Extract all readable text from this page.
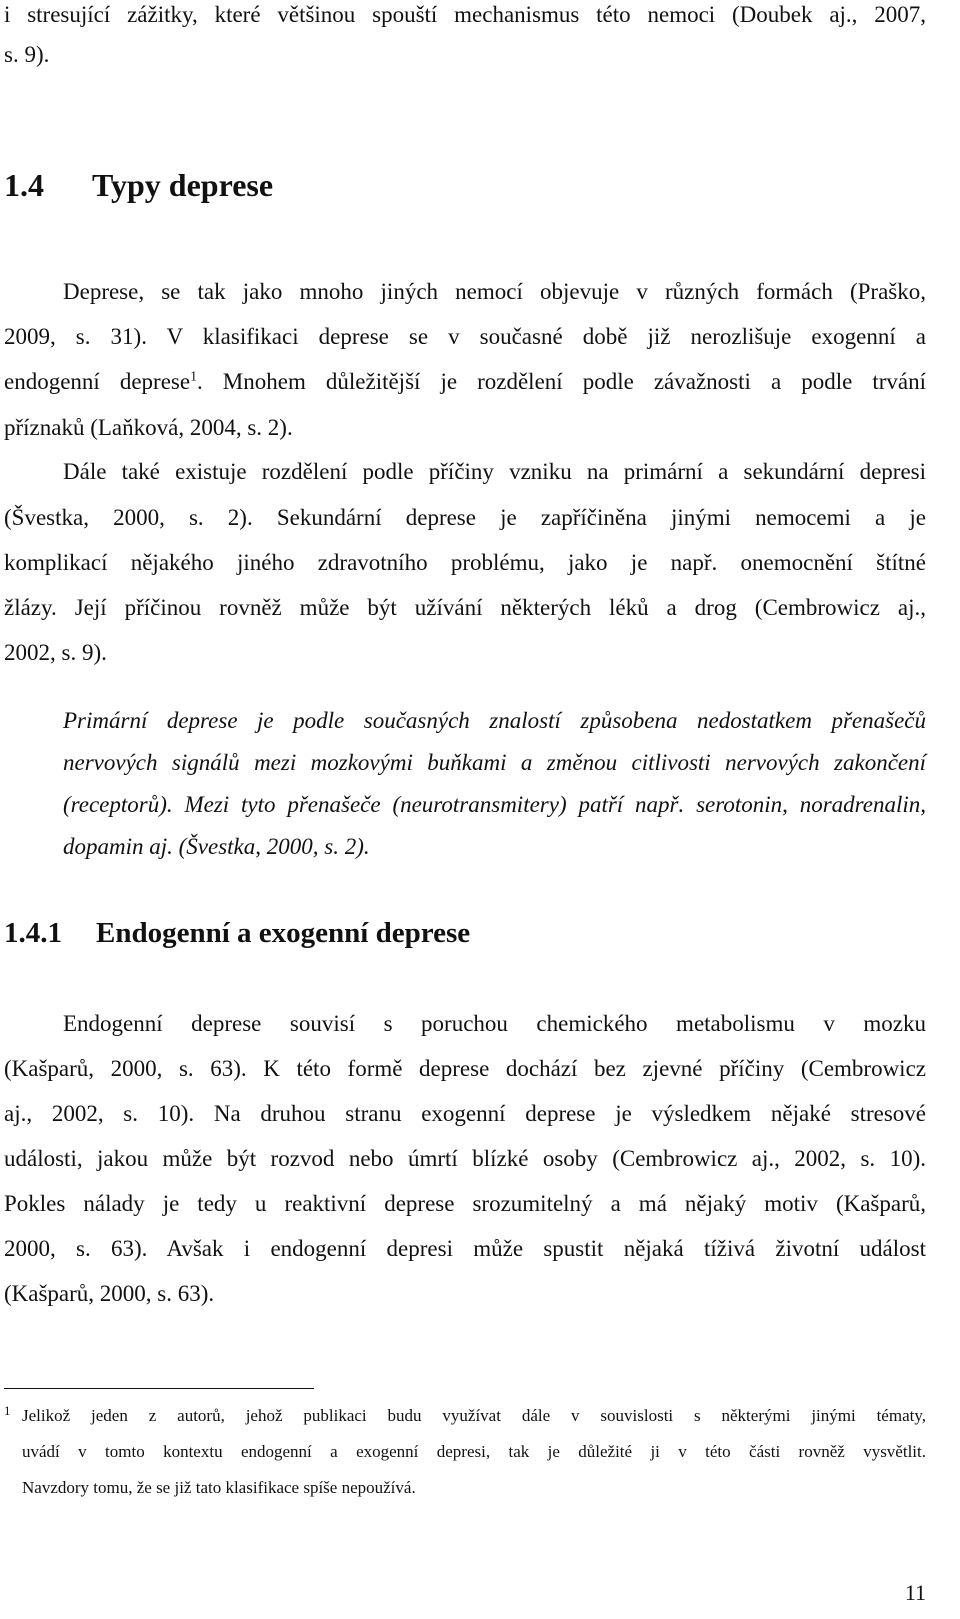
i stresující zážitky, které většinou spouští mechanismus této nemoci (Doubek aj., 2007,
s. 9).
1.4 Typy deprese
Deprese, se tak jako mnoho jiných nemocí objevuje v různých formách (Praško,
2009, s. 31). V klasifikaci deprese se v současné době již nerozlišuje exogenní a
endogenní deprese$^1$. Mnohem důležitější je rozdělení podle závažnosti a podle trvání
příznaků (Laňková, 2004, s. 2).
Dále také existuje rozdělení podle příčiny vzniku na primární a sekundární depresi
(Švestka, 2000, s. 2). Sekundární deprese je zapříčiněna jinými nemocemi a je
komplikací nějakého jiného zdravotního problému, jako je např. onemocnění štítné
žlázy. Její příčinou rovněž může být užívání některých léků a drog (Cembrowicz aj.,
2002, s. 9).
Primární deprese je podle současných znalostí způsobena nedostatkem přenašečů
nervových signálů mezi mozkovými buňkami a změnou citlivosti nervových zakončení
(receptorů). Mezi tyto přenašeče (neurotransmitery) patří např. serotonin, noradrenalin,
dopamin aj. (Švestka, 2000, s. 2).
1.4.1 Endogenní a exogenní deprese
Endogenní deprese souvisí s poruchou chemického metabolismu v mozku
(Kašparů, 2000, s. 63). K této formě deprese dochází bez zjevné příčiny (Cembrowicz
aj., 2002, s. 10). Na druhou stranu exogenní deprese je výsledkem nějaké stresové
události, jakou může být rozvod nebo úmrtí blízké osoby (Cembrowicz aj., 2002, s. 10).
Pokles nálady je tedy u reaktivní deprese srozumitelný a má nějaký motiv (Kašparů,
2000, s. 63). Avšak i endogenní depresi může spustit nějaká tíživá životní událost
(Kašparů, 2000, s. 63).
1 Jelikož jeden z autorů, jehož publikaci budu využívat dále v souvislosti s některými jinými tématy,
uvádí v tomto kontextu endogenní a exogenní depresi, tak je důležité ji v této části rovněž vysvětlit.
Navzdory tomu, že se již tato klasifikace spíše nepoužívá.
11
